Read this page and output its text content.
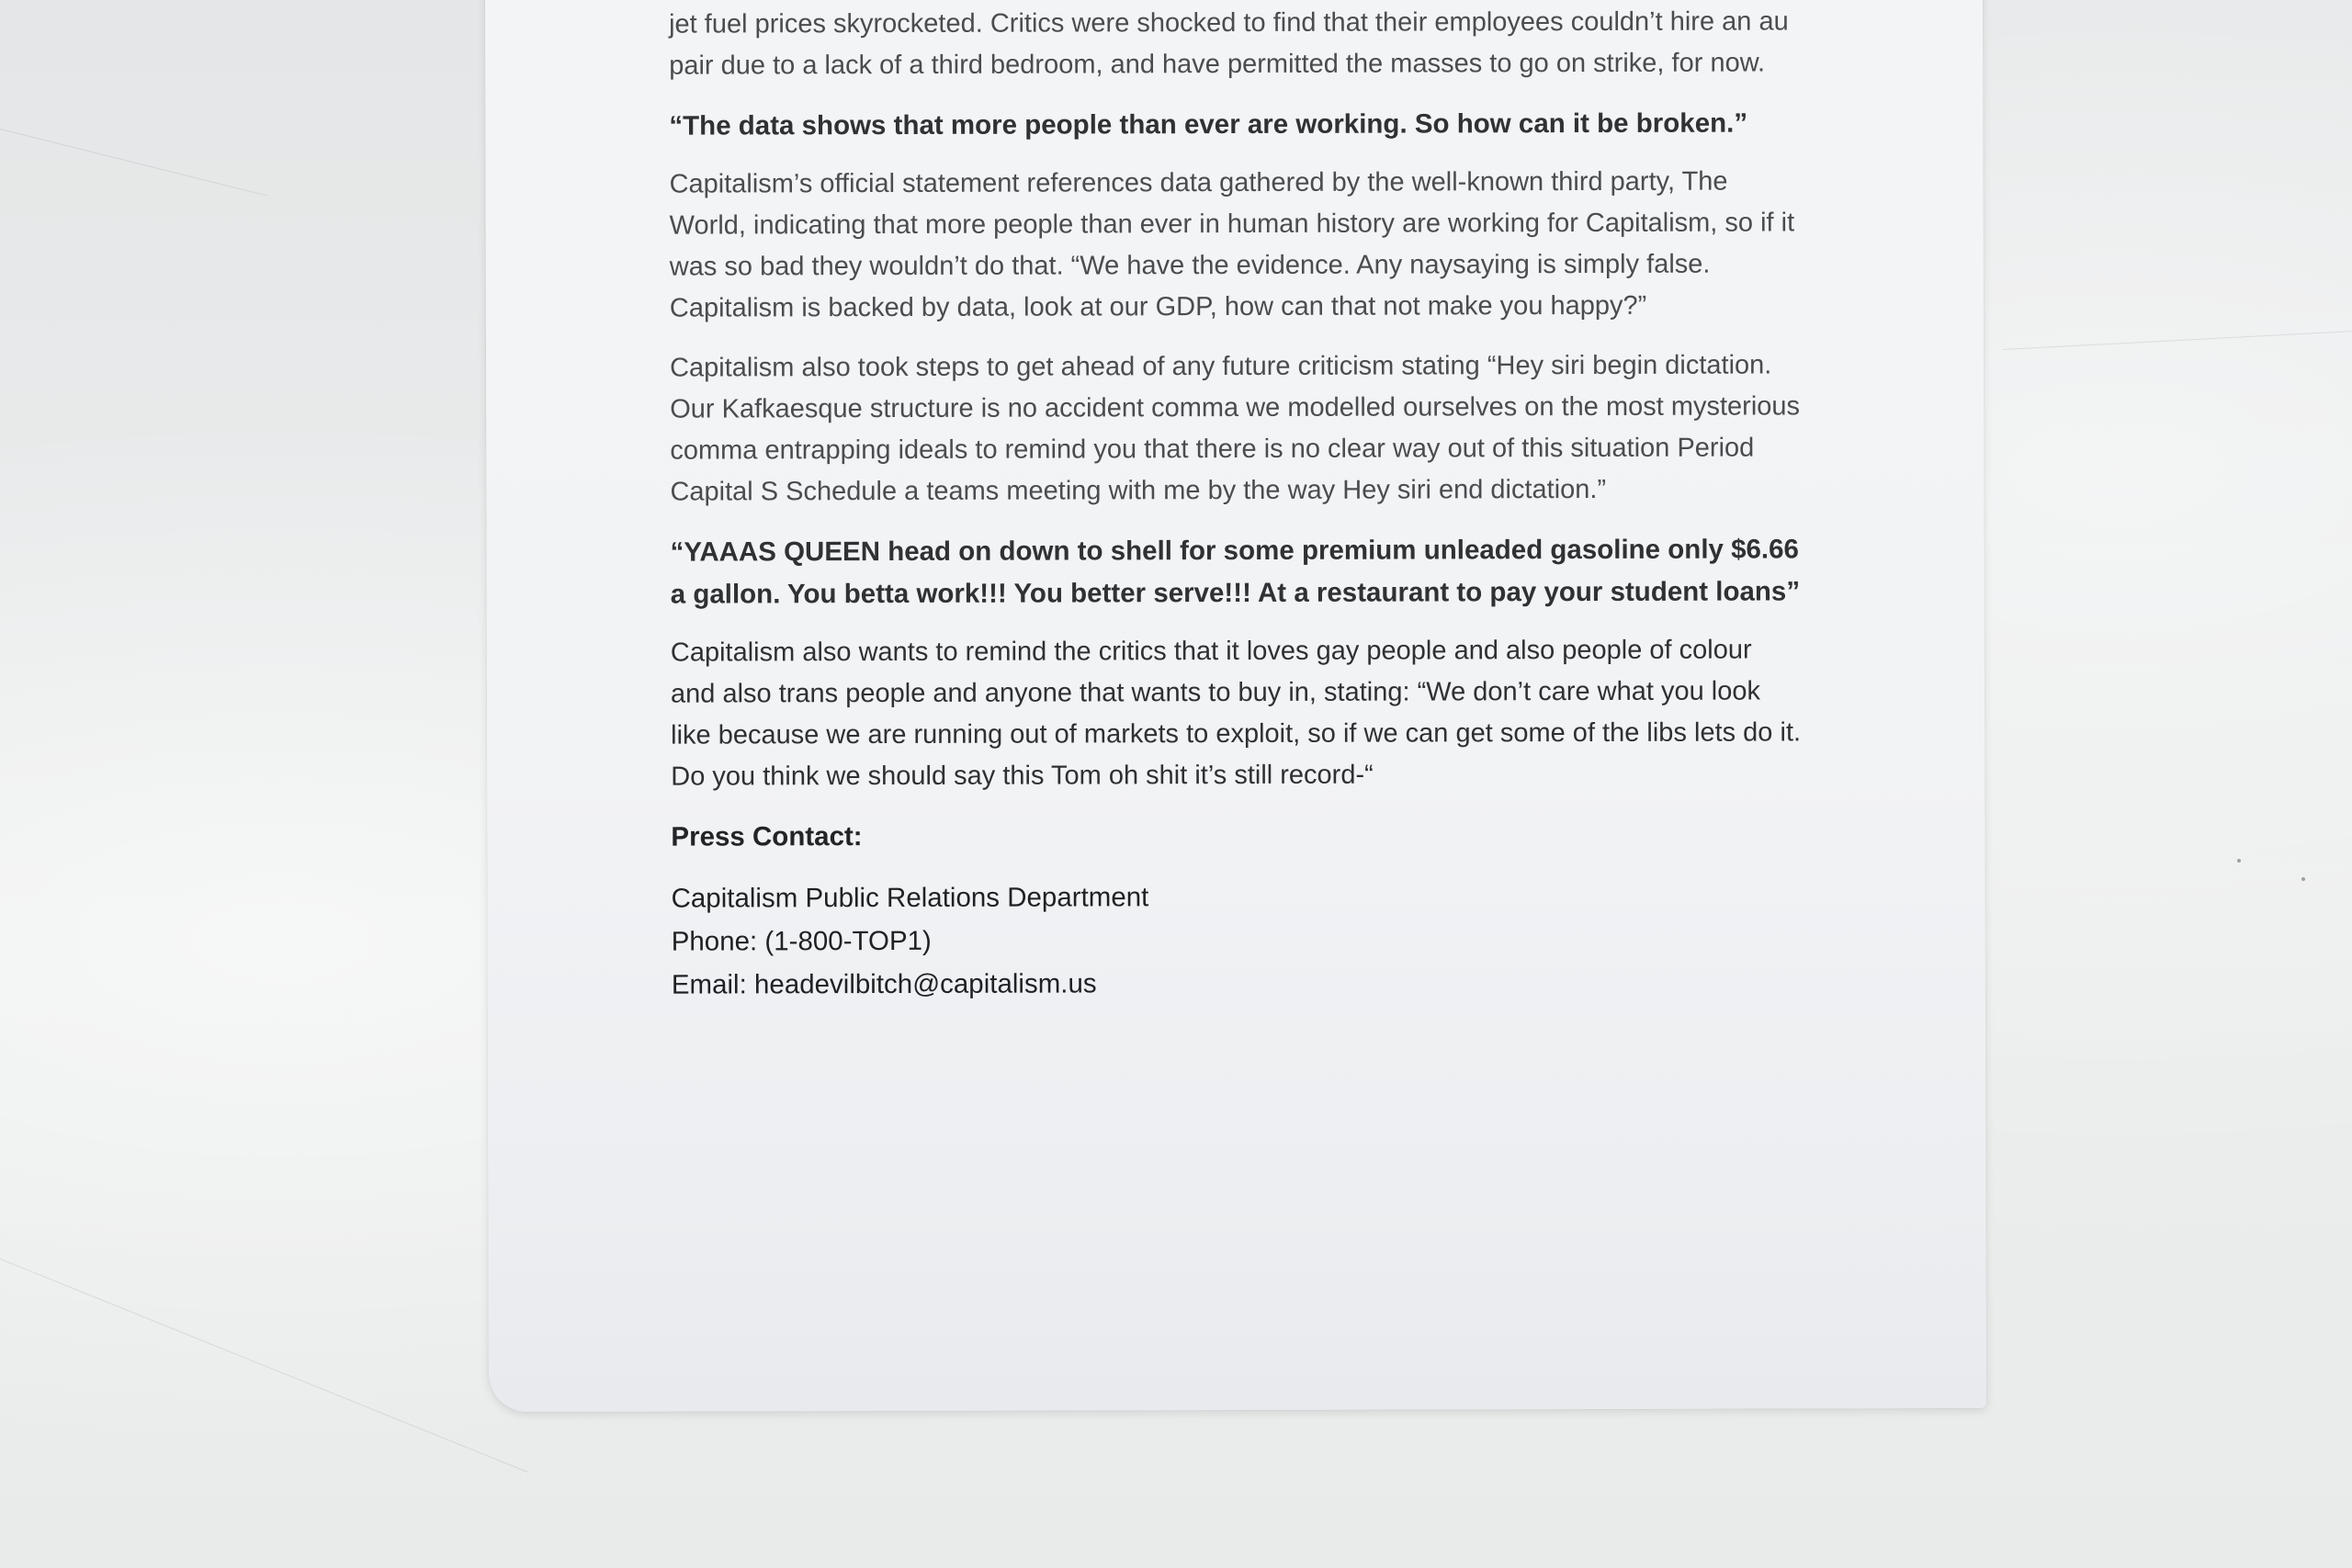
jet fuel prices skyrocketed. Critics were shocked to find that their employees couldn’t hire an au pair due to a lack of a third bedroom, and have permitted the masses to go on strike, for now.

“The data shows that more people than ever are working. So how can it be broken.”

Capitalism’s official statement references data gathered by the well-known third party, The World, indicating that more people than ever in human history are working for Capitalism, so if it was so bad they wouldn’t do that. “We have the evidence. Any naysaying is simply false. Capitalism is backed by data, look at our GDP, how can that not make you happy?”

Capitalism also took steps to get ahead of any future criticism stating “Hey siri begin dictation. Our Kafkaesque structure is no accident comma we modelled ourselves on the most mysterious comma entrapping ideals to remind you that there is no clear way out of this situation Period Capital S Schedule a teams meeting with me by the way Hey siri end dictation.”

“YAAAS QUEEN head on down to shell for some premium unleaded gasoline only $6.66 a gallon. You betta work!!! You better serve!!! At a restaurant to pay your student loans”

Capitalism also wants to remind the critics that it loves gay people and also people of colour and also trans people and anyone that wants to buy in, stating: “We don’t care what you look like because we are running out of markets to exploit, so if we can get some of the libs lets do it. Do you think we should say this Tom oh shit it’s still record-“

Press Contact:

Capitalism Public Relations Department

Phone: (1-800-TOP1)

Email: headevilbitch@capitalism.us
